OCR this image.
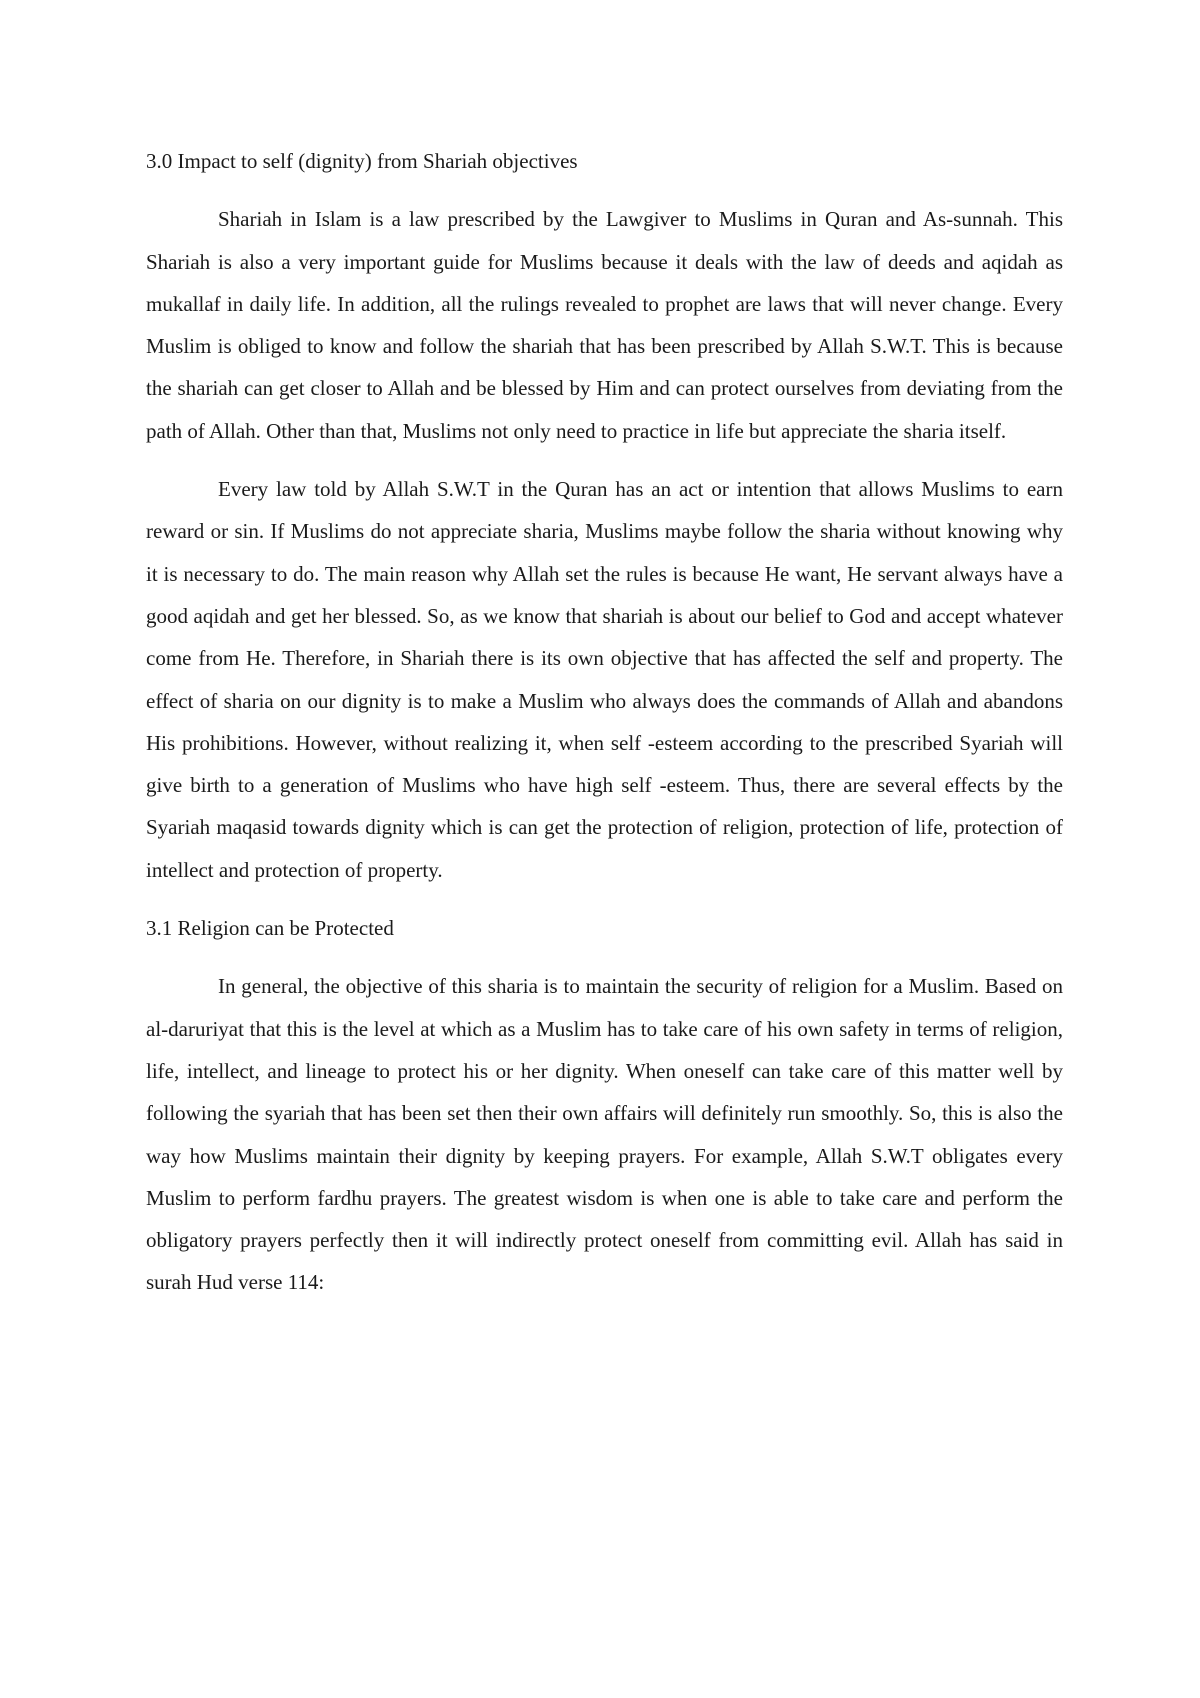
3.0 Impact to self (dignity) from Shariah objectives

Shariah in Islam is a law prescribed by the Lawgiver to Muslims in Quran and As-sunnah. This Shariah is also a very important guide for Muslims because it deals with the law of deeds and aqidah as mukallaf in daily life. In addition, all the rulings revealed to prophet are laws that will never change. Every Muslim is obliged to know and follow the shariah that has been prescribed by Allah S.W.T. This is because the shariah can get closer to Allah and be blessed by Him and can protect ourselves from deviating from the path of Allah. Other than that, Muslims not only need to practice in life but appreciate the sharia itself.

Every law told by Allah S.W.T in the Quran has an act or intention that allows Muslims to earn reward or sin. If Muslims do not appreciate sharia, Muslims maybe follow the sharia without knowing why it is necessary to do. The main reason why Allah set the rules is because He want, He servant always have a good aqidah and get her blessed. So, as we know that shariah is about our belief to God and accept whatever come from He. Therefore, in Shariah there is its own objective that has affected the self and property. The effect of sharia on our dignity is to make a Muslim who always does the commands of Allah and abandons His prohibitions. However, without realizing it, when self -esteem according to the prescribed Syariah will give birth to a generation of Muslims who have high self -esteem. Thus, there are several effects by the Syariah maqasid towards dignity which is can get the protection of religion, protection of life, protection of intellect and protection of property.

3.1 Religion can be Protected

In general, the objective of this sharia is to maintain the security of religion for a Muslim. Based on al-daruriyat that this is the level at which as a Muslim has to take care of his own safety in terms of religion, life, intellect, and lineage to protect his or her dignity. When oneself can take care of this matter well by following the syariah that has been set then their own affairs will definitely run smoothly. So, this is also the way how Muslims maintain their dignity by keeping prayers. For example, Allah S.W.T obligates every Muslim to perform fardhu prayers. The greatest wisdom is when one is able to take care and perform the obligatory prayers perfectly then it will indirectly protect oneself from committing evil. Allah has said in surah Hud verse 114:
